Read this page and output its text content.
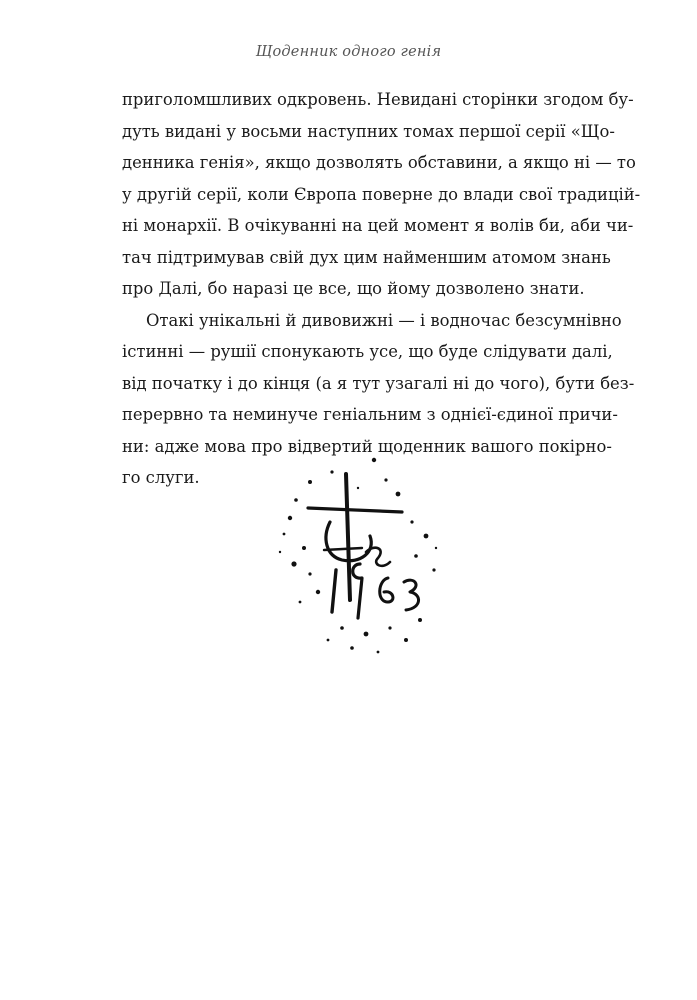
Щоденник одного генія
приголомшливих одкровень. Невидані сторінки згодом бу-
дуть видані у восьми наступних томах першої серії «Що-
денника генія», якщо дозволять обставини, а якщо ні — то
у другій серії, коли Європа поверне до влади свої традицій-
ні монархії. В очікуванні на цей момент я волів би, аби чи-
тач підтримував свій дух цим найменшим атомом знань
про Далі, бо наразі це все, що йому дозволено знати.
Отакі унікальні й дивовижні — і водночас безсумнівно
істинні — рушії спонукають усе, що буде слідувати далі,
від початку і до кінця (а я тут узагалі ні до чого), бути без-
перервно та неминуче геніальним з однієї-єдиної причи-
ни: адже мова про відвертий щоденник вашого покірно-
го слуги.
